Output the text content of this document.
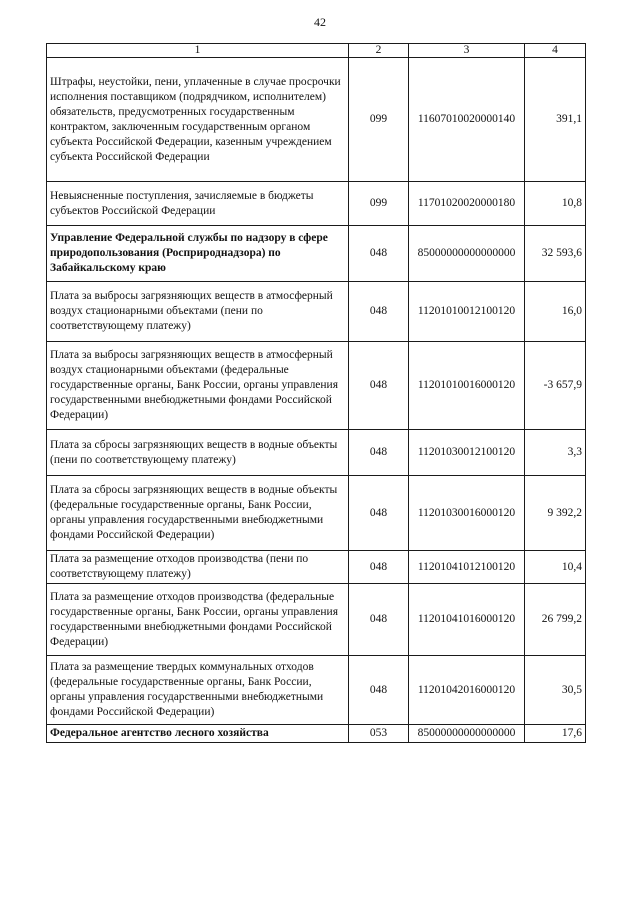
42
1	2	3	4
Штрафы, неустойки, пени, уплаченные в случае просрочки исполнения поставщиком (подрядчиком, исполнителем) обязательств, предусмотренных государственным контрактом, заключенным государственным органом субъекта Российской Федерации, казенным учреждением субъекта Российской Федерации	099	11607010020000140	391,1
Невыясненные поступления, зачисляемые в бюджеты субъектов Российской Федерации	099	11701020020000180	10,8
Управление Федеральной службы по надзору в сфере природопользования (Росприроднадзора) по Забайкальскому краю	048	85000000000000000	32 593,6
Плата за выбросы загрязняющих веществ в атмосферный воздух стационарными объектами (пени по соответствующему платежу)	048	11201010012100120	16,0
Плата за выбросы загрязняющих веществ в атмосферный воздух стационарными объектами (федеральные государственные органы, Банк России, органы управления государственными внебюджетными фондами Российской Федерации)	048	11201010016000120	-3 657,9
Плата за сбросы загрязняющих веществ в водные объекты (пени по соответствующему платежу)	048	11201030012100120	3,3
Плата за сбросы загрязняющих веществ в водные объекты (федеральные государственные органы, Банк России, органы управления государственными внебюджетными фондами Российской Федерации)	048	11201030016000120	9 392,2
Плата за размещение отходов производства (пени по соответствующему платежу)	048	11201041012100120	10,4
Плата за размещение отходов производства (федеральные государственные органы, Банк России, органы управления государственными внебюджетными фондами Российской Федерации)	048	11201041016000120	26 799,2
Плата за размещение твердых коммунальных отходов (федеральные государственные органы, Банк России, органы управления государственными внебюджетными фондами Российской Федерации)	048	11201042016000120	30,5
Федеральное агентство лесного хозяйства	053	85000000000000000	17,6
